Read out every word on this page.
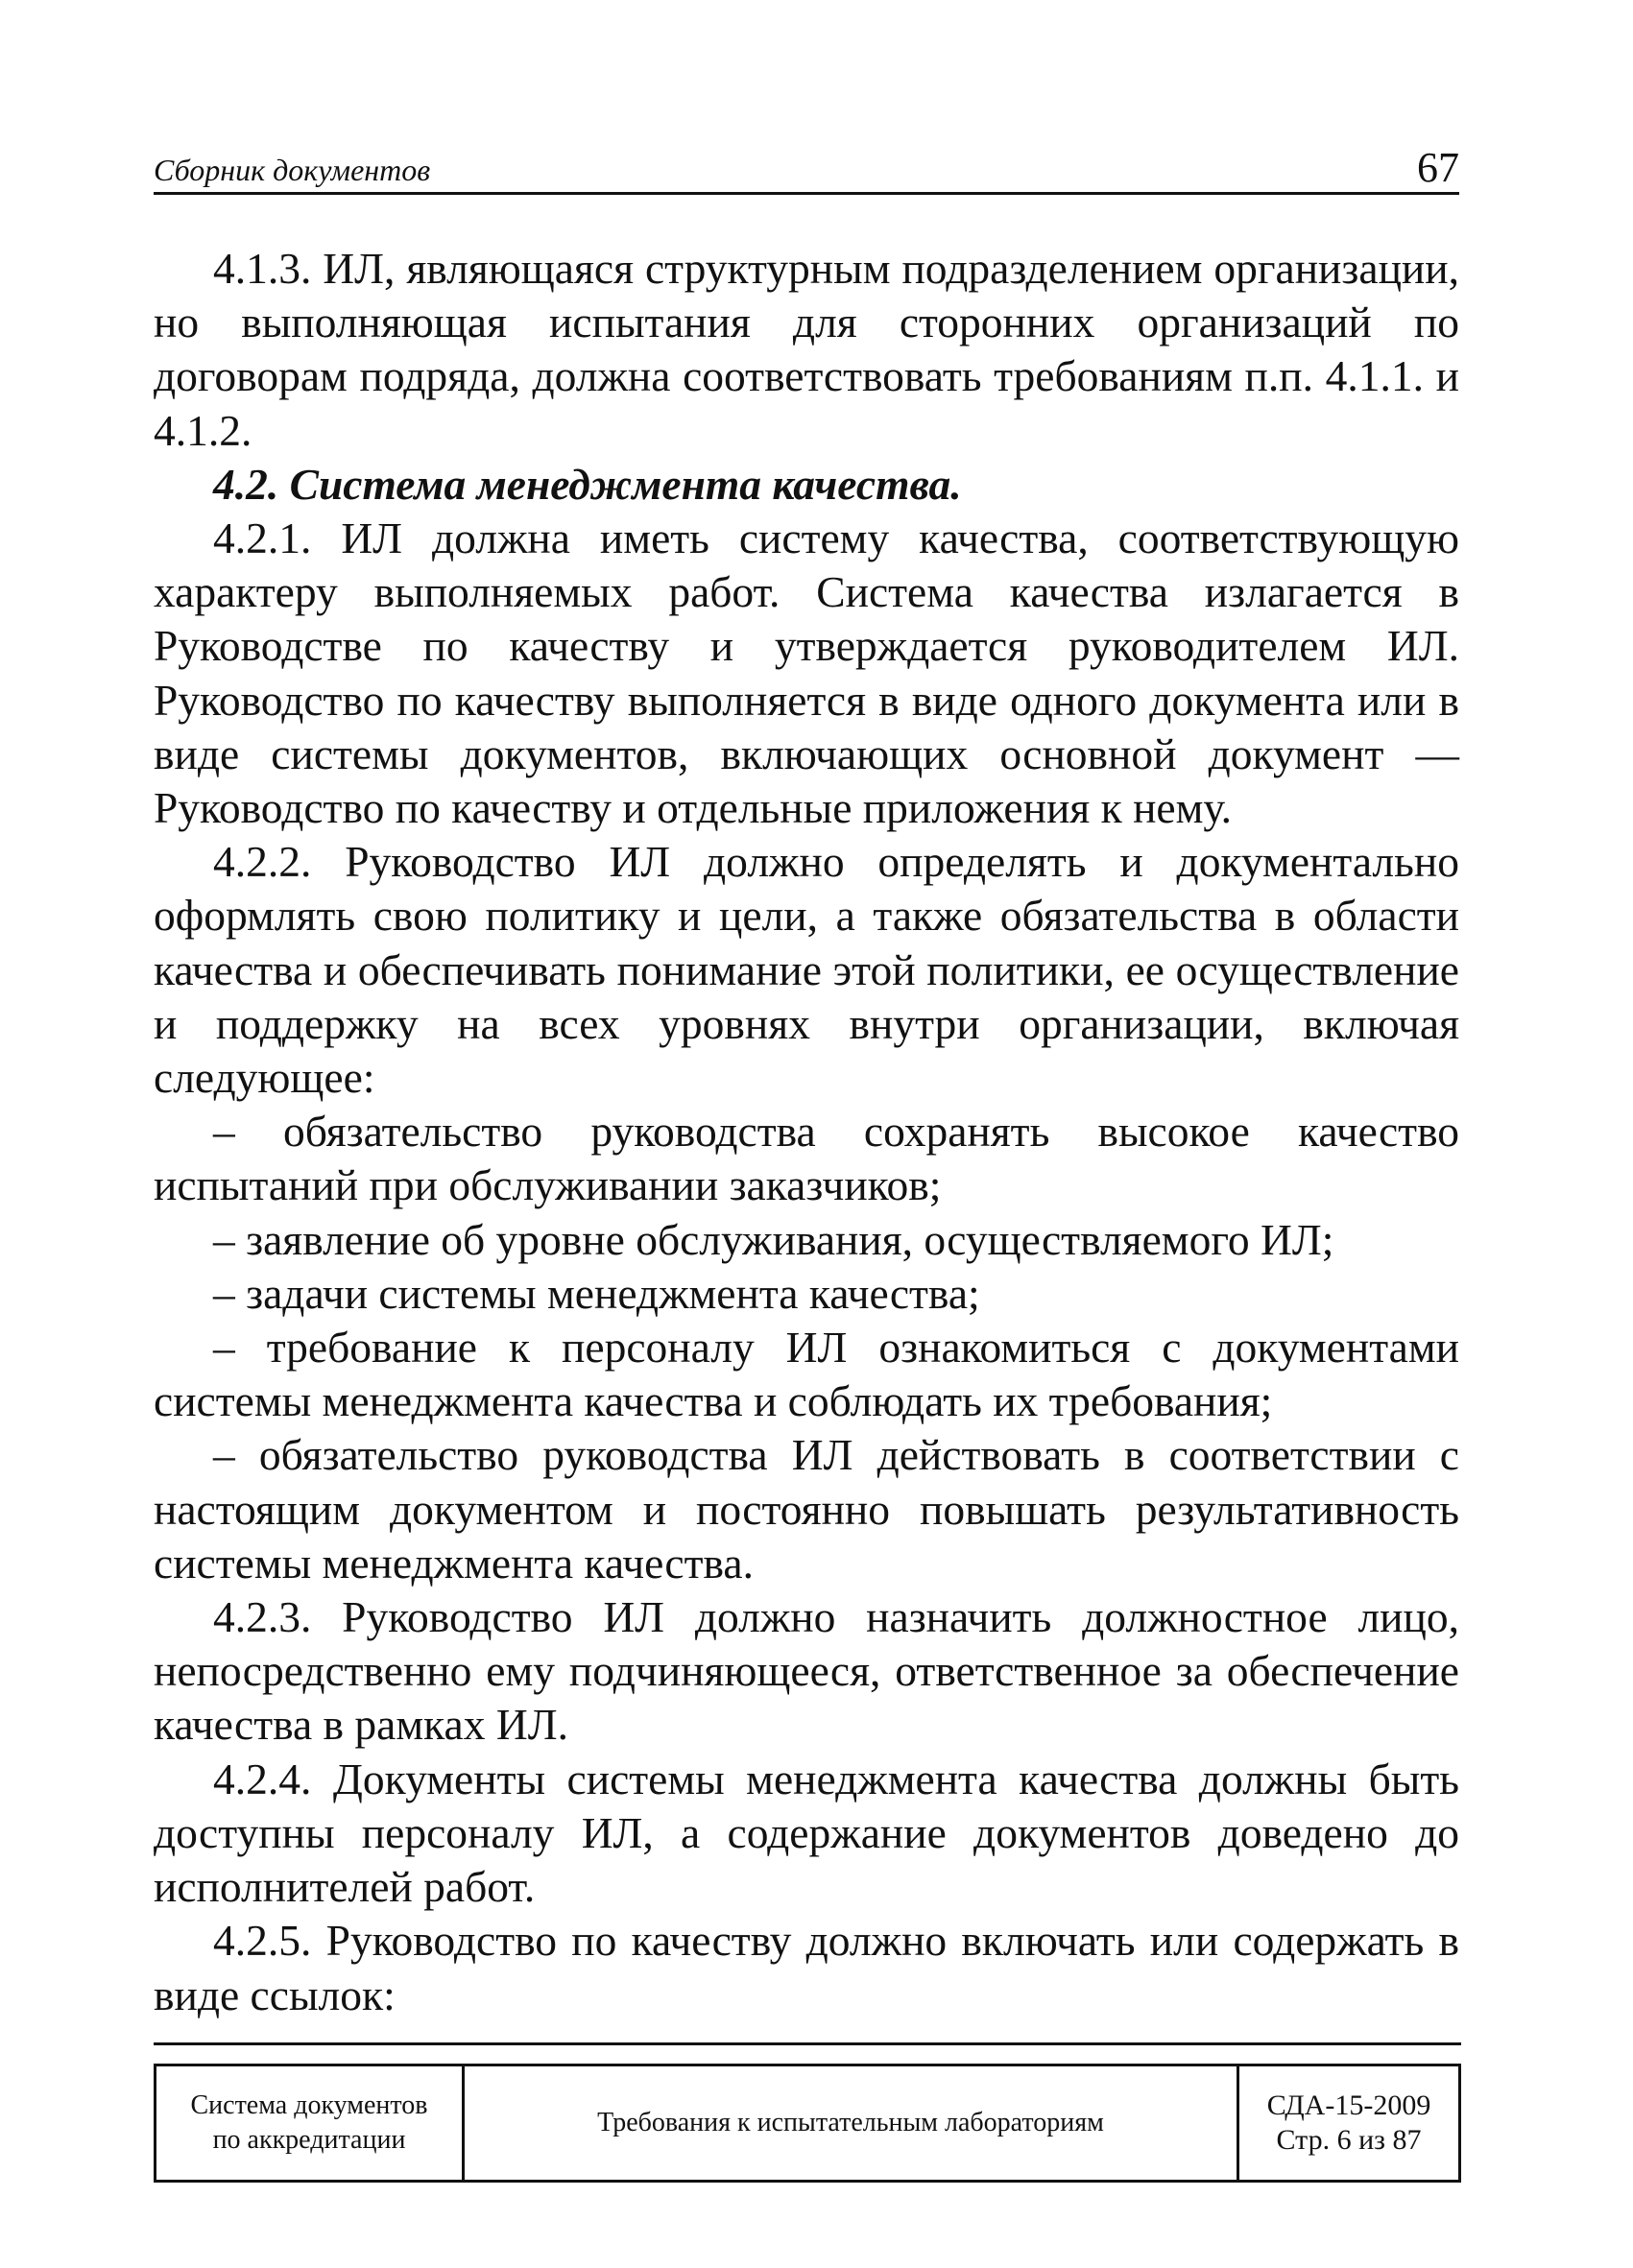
Сборник документов	67

4.1.3. ИЛ, являющаяся структурным подразделением организации, но выполняющая испытания для сторонних организаций по договорам подряда, должна соответствовать требованиям п.п. 4.1.1. и 4.1.2.

4.2. Система менеджмента качества.

4.2.1. ИЛ должна иметь систему качества, соответствующую характеру выполняемых работ. Система качества излагается в Руководстве по качеству и утверждается руководителем ИЛ. Руководство по качеству выполняется в виде одного документа или в виде системы документов, включающих основной документ — Руководство по качеству и отдельные приложения к нему.

4.2.2. Руководство ИЛ должно определять и документально оформлять свою политику и цели, а также обязательства в области качества и обеспечивать понимание этой политики, ее осуществление и поддержку на всех уровнях внутри организации, включая следующее:

– обязательство руководства сохранять высокое качество испытаний при обслуживании заказчиков;

– заявление об уровне обслуживания, осуществляемого ИЛ;

– задачи системы менеджмента качества;

– требование к персоналу ИЛ ознакомиться с документами системы менеджмента качества и соблюдать их требования;

– обязательство руководства ИЛ действовать в соответствии с настоящим документом и постоянно повышать результативность системы менеджмента качества.

4.2.3. Руководство ИЛ должно назначить должностное лицо, непосредственно ему подчиняющееся, ответственное за обеспечение качества в рамках ИЛ.

4.2.4. Документы системы менеджмента качества должны быть доступны персоналу ИЛ, а содержание документов доведено до исполнителей работ.

4.2.5. Руководство по качеству должно включать или содержать в виде ссылок:

Система документов
по аккредитации
Требования к испытательным лабораториям
СДА-15-2009
Стр. 6 из 87
